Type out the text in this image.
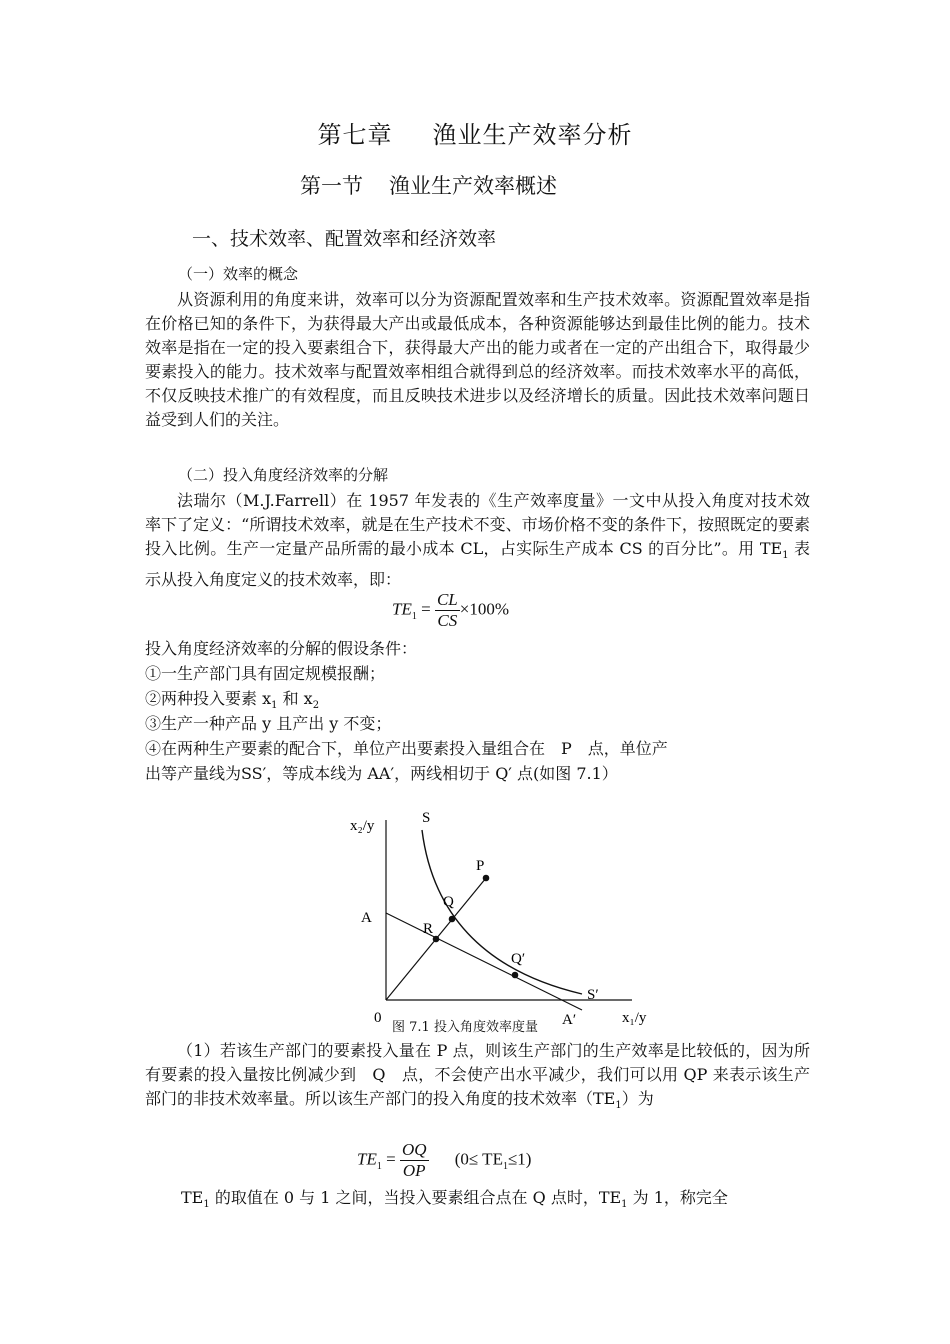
第七章 渔业生产效率分析
第一节 渔业生产效率概述
一、技术效率、配置效率和经济效率
（一）效率的概念

从资源利用的角度来讲，效率可以分为资源配置效率和生产技术效率。资源配置效率是指在价格已知的条件下，为获得最大产出或最低成本，各种资源能够达到最佳比例的能力。技术效率是指在一定的投入要素组合下，获得最大产出的能力或者在一定的产出组合下，取得最少要素投入的能力。技术效率与配置效率相组合就得到总的经济效率。而技术效率水平的高低，不仅反映技术推广的有效程度，而且反映技术进步以及经济增长的质量。因此技术效率问题日益受到人们的关注。

（二）投入角度经济效率的分解

法瑞尔（M.J.Farrell）在 1957 年发表的《生产效率度量》一文中从投入角度对技术效率下了定义：“所谓技术效率，就是在生产技术不变、市场价格不变的条件下，按照既定的要素投入比例。生产一定量产品所需的最小成本 CL，占实际生产成本 CS 的百分比”。用 $TE_1$ 表示从投入角度定义的技术效率，即：

$TE_1 = \frac{CL}{CS} \times 100\%$
投入角度经济效率的分解的假设条件：
①一生产部门具有固定规模报酬；
②两种投入要素 $x_1$ 和 $x_2$
③生产一种产品 y 且产出 y 不变；
④在两种生产要素的配合下，单位产出要素投入量组合在　P　点，单位产
出等产量线为SS′，等成本线为 AA′，两线相切于 Q′ 点(如图 7.1）
x₂/y	S
P
Q
A
R
Q′
S′
0	A′	x₁/y
图 7.1 投入角度效率度量

（1）若该生产部门的要素投入量在 P 点，则该生产部门的生产效率是比较低的，因为所有要素的投入量按比例减少到　Q　点，不会使产出水平减少，我们可以用 QP 来表示该生产部门的非技术效率量。所以该生产部门的投入角度的技术效率$(TE_1)$为

$TE_1 = \frac{OQ}{OP} (0\le TE_1\le 1)$
$TE_1$ 的取值在 0 与 1 之间，当投入要素组合点在 Q 点时，$TE_1$ 为 1，称完全
